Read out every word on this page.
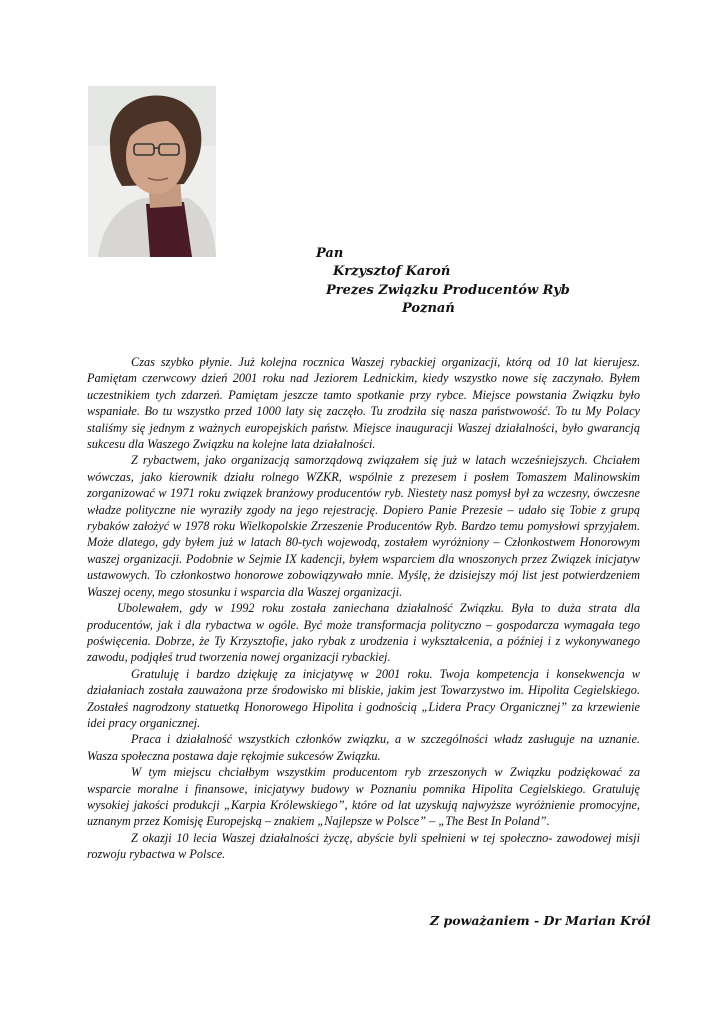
Pan
Krzysztof Karoń
Prezes Związku Producentów Ryb
Poznań

Czas szybko płynie. Już kolejna rocznica Waszej rybackiej organizacji, którą od 10 lat kierujesz. Pamiętam czerwcowy dzień 2001 roku nad Jeziorem Lednickim, kiedy wszystko nowe się zaczynało. Byłem uczestnikiem tych zdarzeń. Pamiętam jeszcze tamto spotkanie przy rybce. Miejsce powstania Związku było wspaniałe. Bo tu wszystko przed 1000 laty się zaczęło. Tu zrodziła się nasza państwowość. To tu My Polacy staliśmy się jednym z ważnych europejskich państw. Miejsce inauguracji Waszej działalności, było gwarancją sukcesu dla Waszego Związku na kolejne lata działalności.

Z rybactwem, jako organizacją samorządową związałem się już w latach wcześniejszych. Chciałem wówczas, jako kierownik działu rolnego WZKR, wspólnie z prezesem i posłem Tomaszem Malinowskim zorganizować w 1971 roku związek branżowy producentów ryb. Niestety nasz pomysł był za wczesny, ówczesne władze polityczne nie wyraziły zgody na jego rejestrację. Dopiero Panie Prezesie – udało się Tobie z grupą rybaków założyć w 1978 roku Wielkopolskie Zrzeszenie Producentów Ryb. Bardzo temu pomysłowi sprzyjałem. Może dlatego, gdy byłem już w latach 80-tych wojewodą, zostałem wyróżniony – Członkostwem Honorowym waszej organizacji. Podobnie w Sejmie IX kadencji, byłem wsparciem dla wnoszonych przez Związek inicjatyw ustawowych. To członkostwo honorowe zobowiązywało mnie. Myślę, że dzisiejszy mój list jest potwierdzeniem Waszej oceny, mego stosunku i wsparcia dla Waszej organizacji.

Ubolewałem, gdy w 1992 roku została zaniechana działalność Związku. Była to duża strata dla producentów, jak i dla rybactwa w ogóle. Być może transformacja polityczno – gospodarcza wymagała tego poświęcenia. Dobrze, że Ty Krzysztofie, jako rybak z urodzenia i wykształcenia, a później i z wykonywanego zawodu, podjąłeś trud tworzenia nowej organizacji rybackiej.

Gratuluję i bardzo dziękuję za inicjatywę w 2001 roku. Twoja kompetencja i konsekwencja w działaniach została zauważona prze środowisko mi bliskie, jakim jest Towarzystwo im. Hipolita Cegielskiego. Zostałeś nagrodzony statuetką Honorowego Hipolita i godnością „Lidera Pracy Organicznej” za krzewienie idei pracy organicznej.

Praca i działalność wszystkich członków związku, a w szczególności władz zasługuje na uznanie. Wasza społeczna postawa daje rękojmie sukcesów Związku.

W tym miejscu chciałbym wszystkim producentom ryb zrzeszonych w Związku podziękować za wsparcie moralne i finansowe, inicjatywy budowy w Poznaniu pomnika Hipolita Cegielskiego. Gratuluję wysokiej jakości produkcji „Karpia Królewskiego”, które od lat uzyskują najwyższe wyróżnienie promocyjne, uznanym przez Komisję Europejską – znakiem „Najlepsze w Polsce” – „The Best In Poland”.

Z okazji 10 lecia Waszej działalności życzę, abyście byli spełnieni w tej społeczno- zawodowej misji rozwoju rybactwa w Polsce.

Z poważaniem - Dr Marian Król
